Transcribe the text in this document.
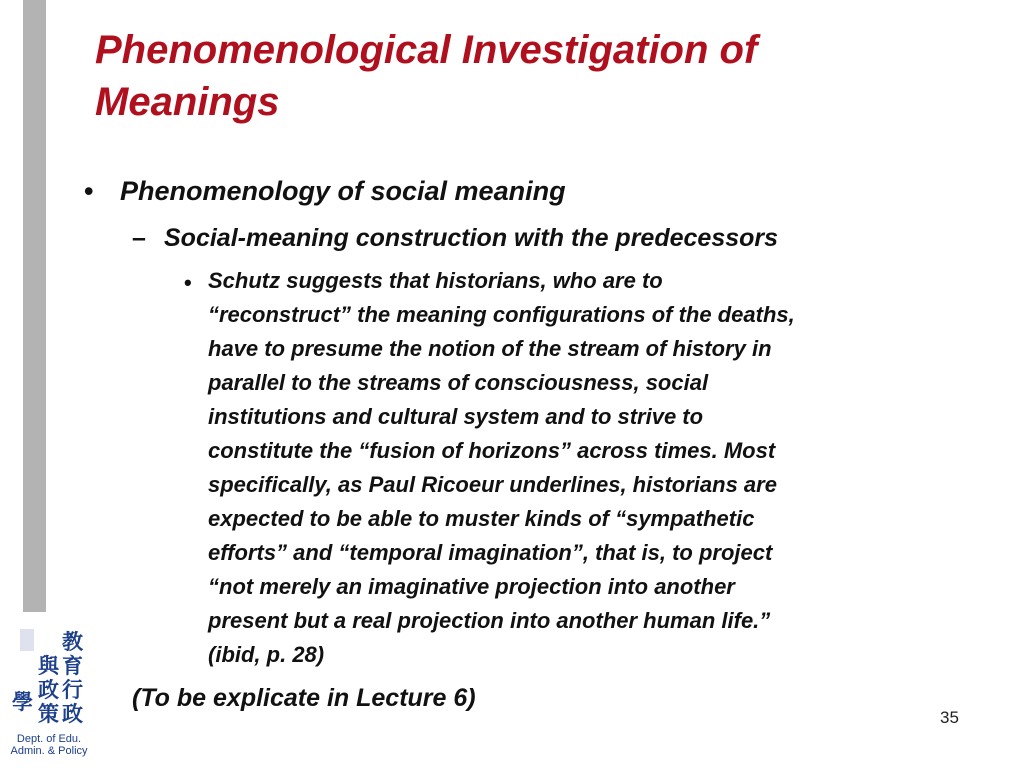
Phenomenological Investigation of
Meanings
• Phenomenology of social meaning

– Social-meaning construction with the predecessors

• Schutz suggests that historians, who are to
“reconstruct” the meaning configurations of the deaths,
have to presume the notion of the stream of history in
parallel to the streams of consciousness, social
institutions and cultural system and to strive to
constitute the “fusion of horizons” across times. Most
specifically, as Paul Ricoeur underlines, historians are
expected to be able to muster kinds of “sympathetic
efforts” and “temporal imagination”, that is, to project
“not merely an imaginative projection into another
present but a real projection into another human life.”
(ibid, p. 28)

(To be explicate in Lecture 6)

35
教
育
與
行
政
學 策 政
Dept. of Edu.
Admin. & Policy
